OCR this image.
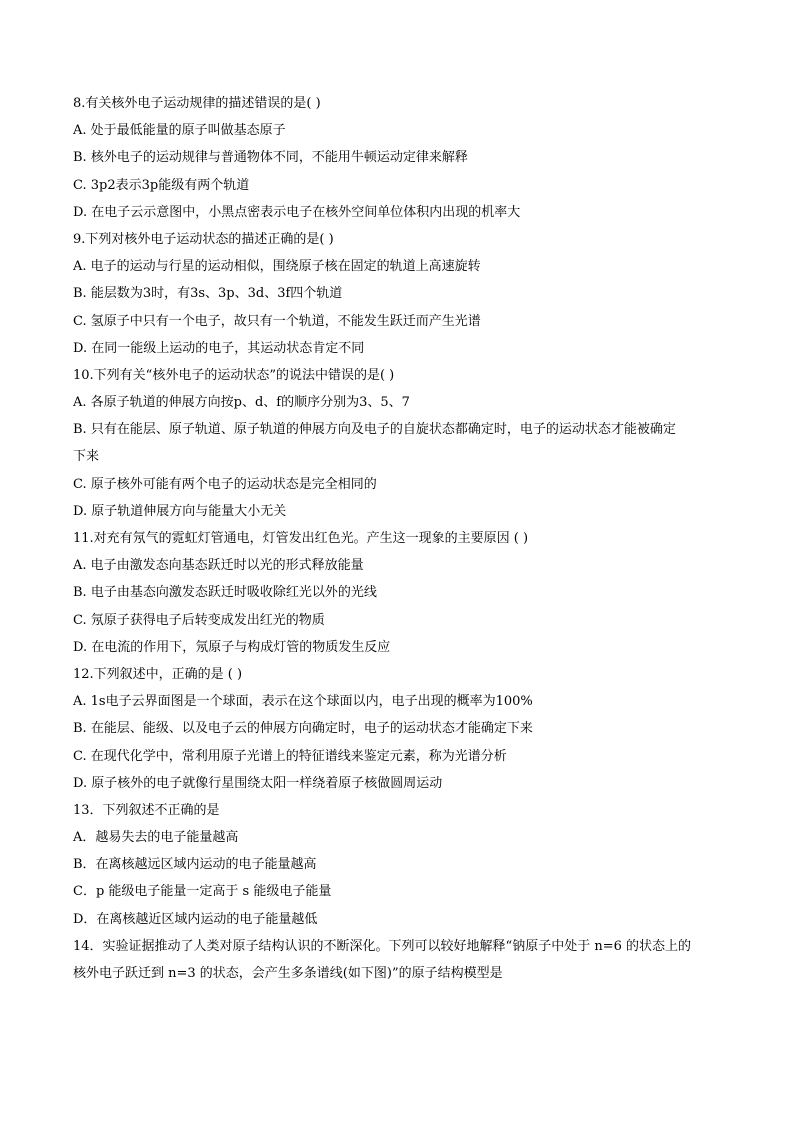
8.有关核外电子运动规律的描述错误的是( )
A. 处于最低能量的原子叫做基态原子
B. 核外电子的运动规律与普通物体不同，不能用牛顿运动定律来解释
C. 3p2表示3p能级有两个轨道
D. 在电子云示意图中，小黑点密表示电子在核外空间单位体积内出现的机率大
9.下列对核外电子运动状态的描述正确的是( )
A. 电子的运动与行星的运动相似，围绕原子核在固定的轨道上高速旋转
B. 能层数为3时，有3s、3p、3d、3f四个轨道
C. 氢原子中只有一个电子，故只有一个轨道，不能发生跃迁而产生光谱
D. 在同一能级上运动的电子，其运动状态肯定不同
10.下列有关“核外电子的运动状态”的说法中错误的是( )
A. 各原子轨道的伸展方向按p、d、f的顺序分别为3、5、7
B. 只有在能层、原子轨道、原子轨道的伸展方向及电子的自旋状态都确定时，电子的运动状态才能被确定
下来
C. 原子核外可能有两个电子的运动状态是完全相同的
D. 原子轨道伸展方向与能量大小无关
11.对充有氖气的霓虹灯管通电，灯管发出红色光。产生这一现象的主要原因 ( )
A. 电子由激发态向基态跃迁时以光的形式释放能量
B. 电子由基态向激发态跃迁时吸收除红光以外的光线
C. 氖原子获得电子后转变成发出红光的物质
D. 在电流的作用下，氖原子与构成灯管的物质发生反应
12.下列叙述中，正确的是 ( )
A. 1s电子云界面图是一个球面，表示在这个球面以内，电子出现的概率为100%
B. 在能层、能级、以及电子云的伸展方向确定时，电子的运动状态才能确定下来
C. 在现代化学中，常利用原子光谱上的特征谱线来鉴定元素，称为光谱分析
D. 原子核外的电子就像行星围绕太阳一样绕着原子核做圆周运动
13．下列叙述不正确的是
A．越易失去的电子能量越高
B．在离核越远区域内运动的电子能量越高
C．p 能级电子能量一定高于 s 能级电子能量
D．在离核越近区域内运动的电子能量越低
14．实验证据推动了人类对原子结构认识的不断深化。下列可以较好地解释“钠原子中处于 n=6 的状态上的
核外电子跃迁到 n=3 的状态，会产生多条谱线(如下图)”的原子结构模型是
